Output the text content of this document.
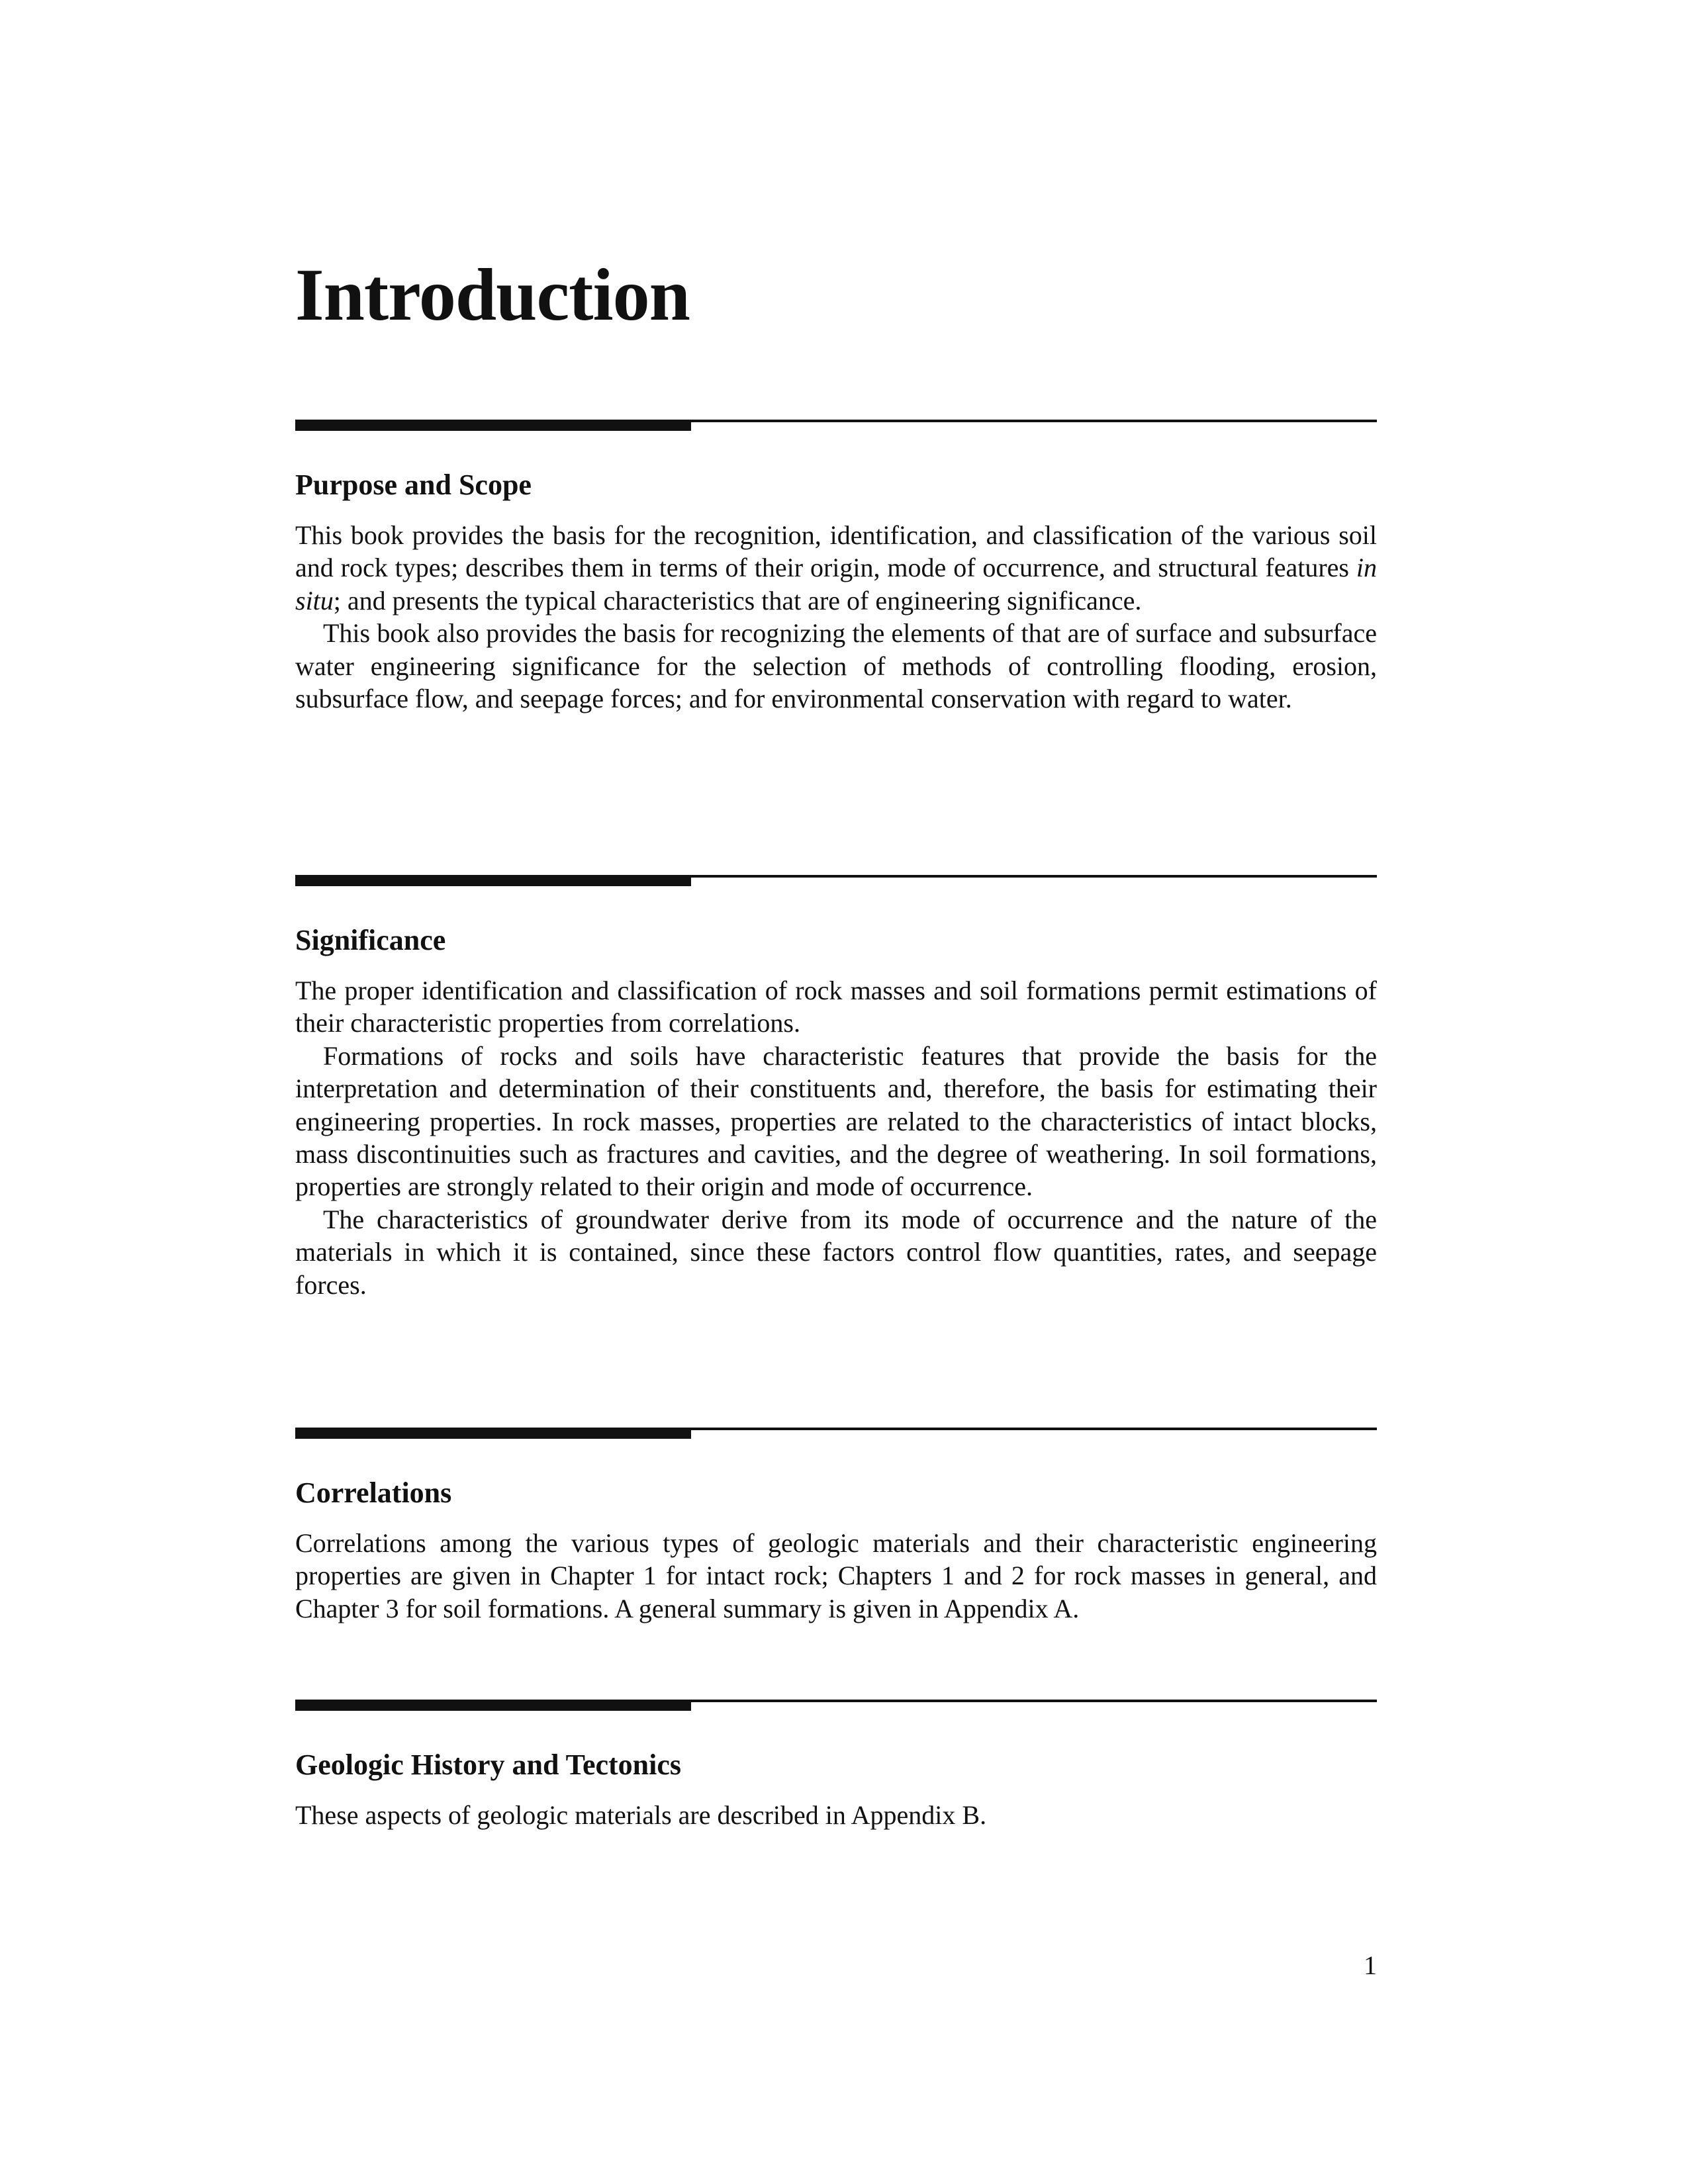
Introduction
Purpose and Scope

This book provides the basis for the recognition, identification, and classification of the various soil and rock types; describes them in terms of their origin, mode of occurrence, and structural features in situ; and presents the typical characteristics that are of engineering significance.

This book also provides the basis for recognizing the elements of that are of surface and subsurface water engineering significance for the selection of methods of controlling flooding, erosion, subsurface flow, and seepage forces; and for environmental conservation with regard to water.

Significance

The proper identification and classification of rock masses and soil formations permit estimations of their characteristic properties from correlations.

Formations of rocks and soils have characteristic features that provide the basis for the interpretation and determination of their constituents and, therefore, the basis for estimating their engineering properties. In rock masses, properties are related to the characteristics of intact blocks, mass discontinuities such as fractures and cavities, and the degree of weathering. In soil formations, properties are strongly related to their origin and mode of occurrence.

The characteristics of groundwater derive from its mode of occurrence and the nature of the materials in which it is contained, since these factors control flow quantities, rates, and seepage forces.

Correlations

Correlations among the various types of geologic materials and their characteristic engineering properties are given in Chapter 1 for intact rock; Chapters 1 and 2 for rock masses in general, and Chapter 3 for soil formations. A general summary is given in Appendix A.

Geologic History and Tectonics

These aspects of geologic materials are described in Appendix B.

1
